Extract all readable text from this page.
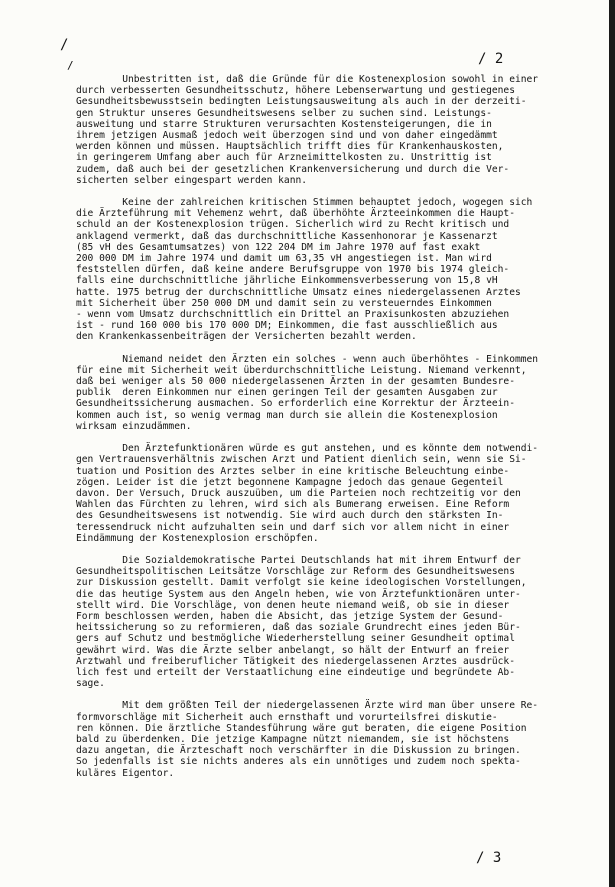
/
/	/ 2
Unbestritten ist, daß die Gründe für die Kostenexplosion sowohl in einer
durch verbesserten Gesundheitsschutz, höhere Lebenserwartung und gestiegenes
Gesundheitsbewusstsein bedingten Leistungsausweitung als auch in der derzeiti-
gen Struktur unseres Gesundheitswesens selber zu suchen sind. Leistungs-
ausweitung und starre Strukturen verursachten Kostensteigerungen, die in
ihrem jetzigen Ausmaß jedoch weit überzogen sind und von daher eingedämmt
werden können und müssen. Hauptsächlich trifft dies für Krankenhauskosten,
in geringerem Umfang aber auch für Arzneimittelkosten zu. Unstrittig ist
zudem, daß auch bei der gesetzlichen Krankenversicherung und durch die Ver-
sicherten selber eingespart werden kann.
Keine der zahlreichen kritischen Stimmen behauptet jedoch, wogegen sich
die Ärzteführung mit Vehemenz wehrt, daß überhöhte Ärzteeinkommen die Haupt-
schuld an der Kostenexplosion trügen. Sicherlich wird zu Recht kritisch und
anklagend vermerkt, daß das durchschnittliche Kassenhonorar je Kassenarzt
(85 vH des Gesamtumsatzes) von 122 204 DM im Jahre 1970 auf fast exakt
200 000 DM im Jahre 1974 und damit um 63,35 vH angestiegen ist. Man wird
feststellen dürfen, daß keine andere Berufsgruppe von 1970 bis 1974 gleich-
falls eine durchschnittliche jährliche Einkommensverbesserung von 15,8 vH
hatte. 1975 betrug der durchschnittliche Umsatz eines niedergelassenen Arztes
mit Sicherheit über 250 000 DM und damit sein zu versteuerndes Einkommen
- wenn vom Umsatz durchschnittlich ein Drittel an Praxisunkosten abzuziehen
ist - rund 160 000 bis 170 000 DM; Einkommen, die fast ausschließlich aus
den Krankenkassenbeiträgen der Versicherten bezahlt werden.
Niemand neidet den Ärzten ein solches - wenn auch überhöhtes - Einkommen
für eine mit Sicherheit weit überdurchschnittliche Leistung. Niemand verkennt,
daß bei weniger als 50 000 niedergelassenen Ärzten in der gesamten Bundesre-
publik  deren Einkommen nur einen geringen Teil der gesamten Ausgaben zur
Gesundheitssicherung ausmachen. So erforderlich eine Korrektur der Ärzteein-
kommen auch ist, so wenig vermag man durch sie allein die Kostenexplosion
wirksam einzudämmen.
Den Ärztefunktionären würde es gut anstehen, und es könnte dem notwendi-
gen Vertrauensverhältnis zwischen Arzt und Patient dienlich sein, wenn sie Si-
tuation und Position des Arztes selber in eine kritische Beleuchtung einbe-
zögen. Leider ist die jetzt begonnene Kampagne jedoch das genaue Gegenteil
davon. Der Versuch, Druck auszuüben, um die Parteien noch rechtzeitig vor den
Wahlen das Fürchten zu lehren, wird sich als Bumerang erweisen. Eine Reform
des Gesundheitswesens ist notwendig. Sie wird auch durch den stärksten In-
teressendruck nicht aufzuhalten sein und darf sich vor allem nicht in einer
Eindämmung der Kostenexplosion erschöpfen.
Die Sozialdemokratische Partei Deutschlands hat mit ihrem Entwurf der
Gesundheitspolitischen Leitsätze Vorschläge zur Reform des Gesundheitswesens
zur Diskussion gestellt. Damit verfolgt sie keine ideologischen Vorstellungen,
die das heutige System aus den Angeln heben, wie von Ärztefunktionären unter-
stellt wird. Die Vorschläge, von denen heute niemand weiß, ob sie in dieser
Form beschlossen werden, haben die Absicht, das jetzige System der Gesund-
heitssicherung so zu reformieren, daß das soziale Grundrecht eines jeden Bür-
gers auf Schutz und bestmögliche Wiederherstellung seiner Gesundheit optimal
gewährt wird. Was die Ärzte selber anbelangt, so hält der Entwurf an freier
Arztwahl und freiberuflicher Tätigkeit des niedergelassenen Arztes ausdrück-
lich fest und erteilt der Verstaatlichung eine eindeutige und begründete Ab-
sage.
Mit dem größten Teil der niedergelassenen Ärzte wird man über unsere Re-
formvorschläge mit Sicherheit auch ernsthaft und vorurteilsfrei diskutie-
ren können. Die ärztliche Standesführung wäre gut beraten, die eigene Position
bald zu überdenken. Die jetzige Kampagne nützt niemandem, sie ist höchstens
dazu angetan, die Ärzteschaft noch verschärfter in die Diskussion zu bringen.
So jedenfalls ist sie nichts anderes als ein unnötiges und zudem noch spekta-
kuläres Eigentor.
/ 3
